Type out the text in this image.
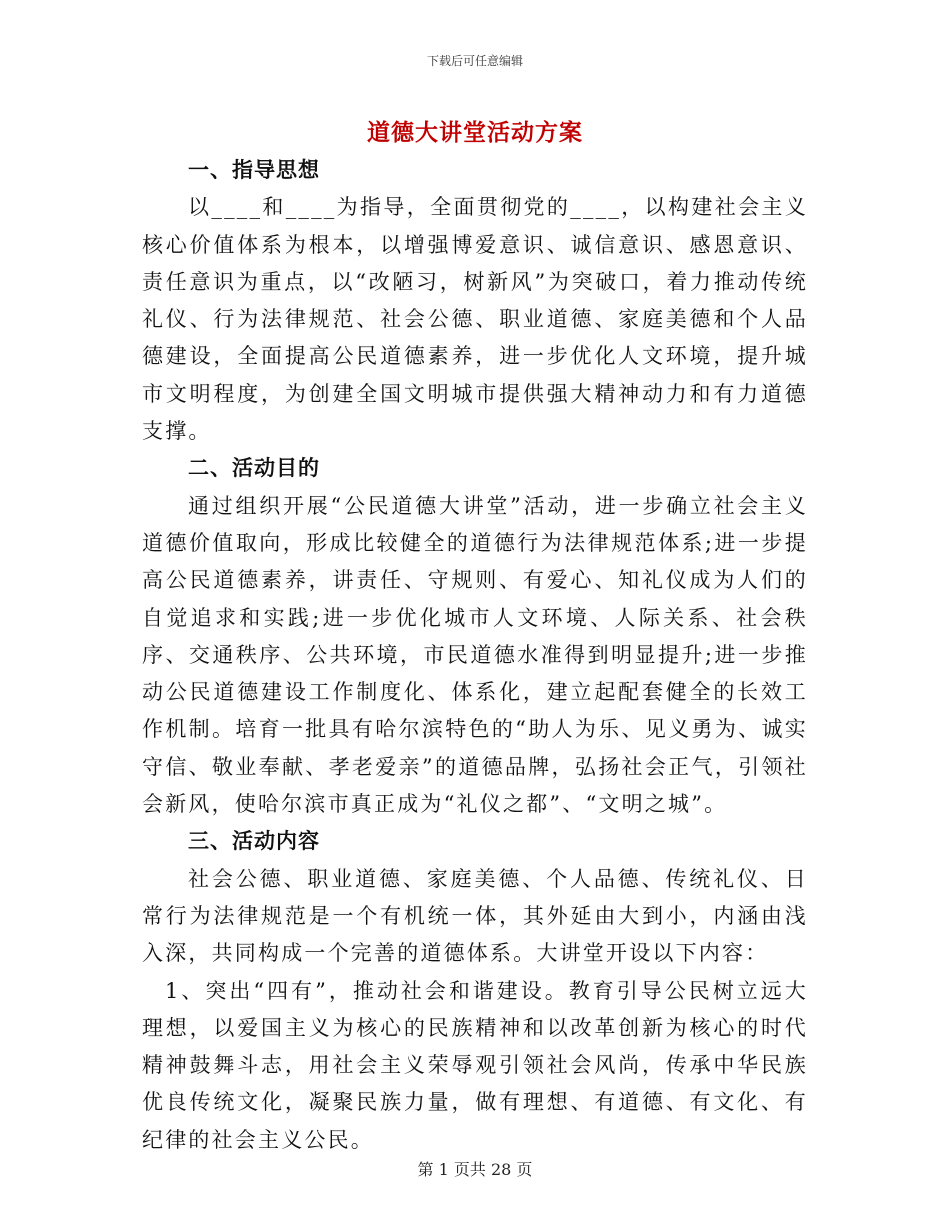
下载后可任意编辑
道德大讲堂活动方案
一、指导思想
以____和____为指导，全面贯彻党的____，以构建社会主义核心价值体系为根本，以增强博爱意识、诚信意识、感恩意识、责任意识为重点，以“改陋习，树新风”为突破口，着力推动传统礼仪、行为法律规范、社会公德、职业道德、家庭美德和个人品德建设，全面提高公民道德素养，进一步优化人文环境，提升城市文明程度，为创建全国文明城市提供强大精神动力和有力道德支撑。
二、活动目的
通过组织开展“公民道德大讲堂”活动，进一步确立社会主义道德价值取向，形成比较健全的道德行为法律规范体系;进一步提高公民道德素养，讲责任、守规则、有爱心、知礼仪成为人们的自觉追求和实践;进一步优化城市人文环境、人际关系、社会秩序、交通秩序、公共环境，市民道德水准得到明显提升;进一步推动公民道德建设工作制度化、体系化，建立起配套健全的长效工作机制。培育一批具有哈尔滨特色的“助人为乐、见义勇为、诚实守信、敬业奉献、孝老爱亲”的道德品牌，弘扬社会正气，引领社会新风，使哈尔滨市真正成为“礼仪之都”、“文明之城”。
三、活动内容
社会公德、职业道德、家庭美德、个人品德、传统礼仪、日常行为法律规范是一个有机统一体，其外延由大到小，内涵由浅入深，共同构成一个完善的道德体系。大讲堂开设以下内容：
1、突出“四有”，推动社会和谐建设。教育引导公民树立远大理想，以爱国主义为核心的民族精神和以改革创新为核心的时代精神鼓舞斗志，用社会主义荣辱观引领社会风尚，传承中华民族优良传统文化，凝聚民族力量，做有理想、有道德、有文化、有纪律的社会主义公民。
第 1 页共 28 页
